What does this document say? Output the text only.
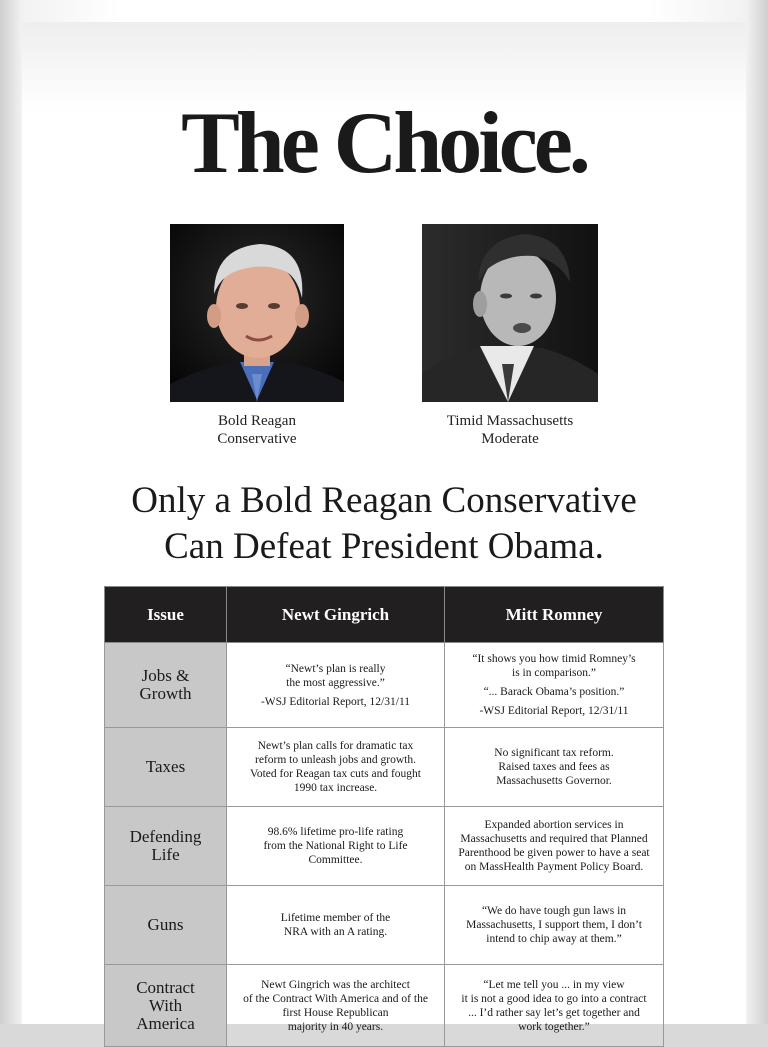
The Choice.
Bold Reagan
Conservative
Timid Massachusetts
Moderate
Only a Bold Reagan Conservative
Can Defeat President Obama.
Issue	Newt Gingrich	Mitt Romney

Jobs &
Growth	“Newt’s plan is really
the most aggressive.”
-WSJ Editorial Report, 12/31/11	“It shows you how timid Romney’s
is in comparison.”
“... Barack Obama’s position.”
-WSJ Editorial Report, 12/31/11

Taxes	Newt’s plan calls for dramatic tax
reform to unleash jobs and growth.
Voted for Reagan tax cuts and fought
1990 tax increase.	No significant tax reform.
Raised taxes and fees as
Massachusetts Governor.

Defending
Life	98.6% lifetime pro-life rating
from the National Right to Life
Committee.	Expanded abortion services in
Massachusetts and required that Planned
Parenthood be given power to have a seat
on MassHealth Payment Policy Board.

Guns	Lifetime member of the
NRA with an A rating.	“We do have tough gun laws in
Massachusetts, I support them, I don’t
intend to chip away at them.”

Contract
With
America	Newt Gingrich was the architect
of the Contract With America and of the
first House Republican
majority in 40 years.	“Let me tell you ... in my view
it is not a good idea to go into a contract
... I’d rather say let’s get together and
work together.”
